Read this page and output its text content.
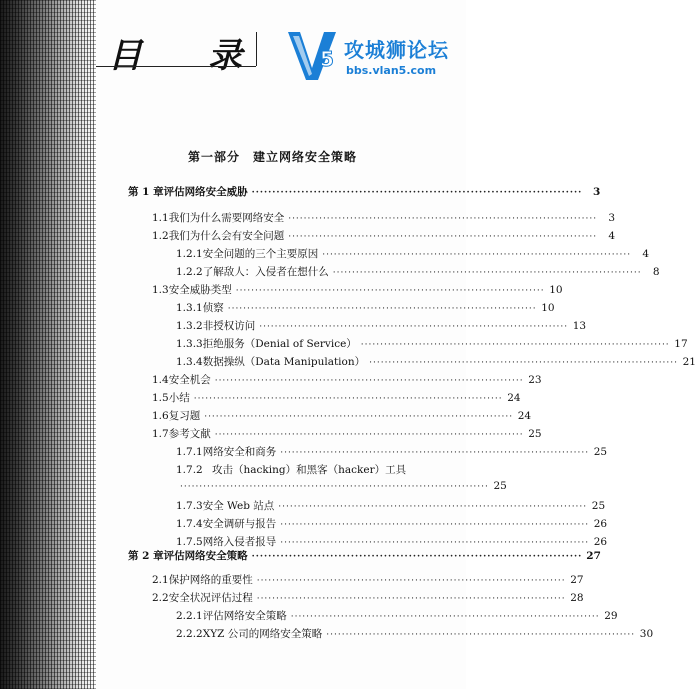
目 录	5 攻城狮论坛
bbs.vlan5.com
第一部分　建立网络安全策略
第 1 章 评估网络安全威胁 ················································································	3
1.1 我们为什么需要网络安全 ················································································	3
1.2 我们为什么会有安全问题 ················································································	4
1.2.1 安全问题的三个主要原因 ················································································	4
1.2.2 了解敌人：入侵者在想什么 ················································································	8
1.3 安全威胁类型 ················································································ 10
1.3.1 侦察 ················································································ 10
1.3.2 非授权访问 ················································································ 13
1.3.3 拒绝服务（Denial of Service） ················································································ 17
1.3.4 数据操纵（Data Manipulation） ················································································ 21
1.4 安全机会 ················································································ 23
1.5 小结 ················································································ 24
1.6 复习题 ················································································ 24
1.7 参考文献 ················································································ 25
1.7.1 网络安全和商务 ················································································ 25
1.7.2 攻击（hacking）和黑客（hacker）工具
················································································ 25
1.7.3 安全 Web 站点 ················································································ 25
1.7.4 安全调研与报告 ················································································ 26
1.7.5 网络入侵者报导 ················································································ 26
第 2 章 评估网络安全策略 ················································································ 27
2.1 保护网络的重要性 ················································································ 27
2.2 安全状况评估过程 ················································································ 28
2.2.1 评估网络安全策略 ················································································ 29
2.2.2 XYZ 公司的网络安全策略 ················································································ 30
